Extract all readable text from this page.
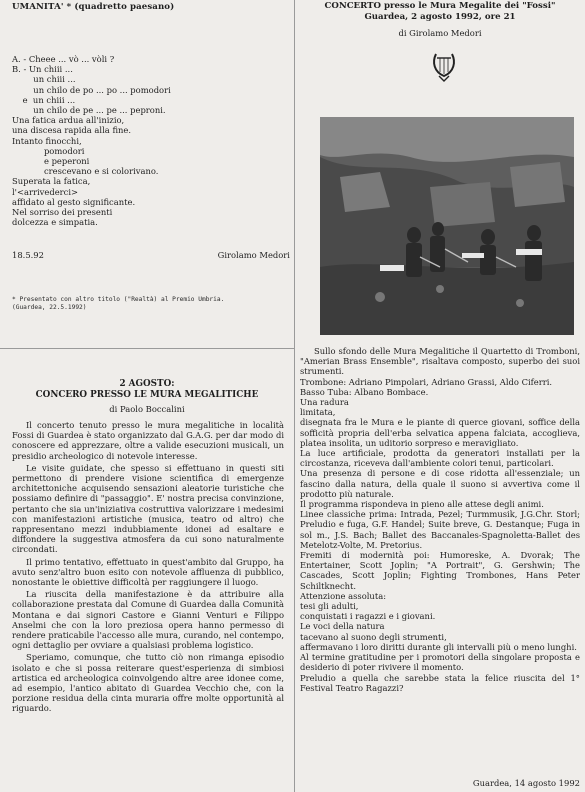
UMANITA' * (quadretto paesano)
A. - Cheee ... vò ... vòli ?
B. - Un chiii ...
un chiii ...
un chilo de po ... po ... pomodori
e  un chiii ...
un chilo de pe ... pe ... peproni.
Una fatica ardua all'inizio,
una discesa rapida alla fine.
Intanto finocchi,
pomodori
e peperoni
crescevano e si colorivano.
Superata la fatica,
l'<arrivederci>
affidato al gesto significante.
Nel sorriso dei presenti
dolcezza e simpatia.
18.5.92	Girolamo Medori
* Presentato con altro titolo ("Realtà) al Premio Umbria.
(Guardea, 22.5.1992)
2 AGOSTO:
CONCERO PRESSO LE MURA MEGALITICHE
di Paolo Boccalini

Il concerto tenuto presso le mura megalitiche in località Fossi di Guardea è stato organizzato dal G.A.G. per dar modo di conoscere ed apprezzare, oltre a valide esecuzioni musicali, un presidio archeologico di notevole interesse.

Le visite guidate, che spesso si effettuano in questi siti permettono di prendere visione scientifica di emergenze architettoniche acquisendo sensazioni aleatorie turistiche che possiamo definire di "passaggio". E' nostra precisa convinzione, pertanto che sia un'iniziativa costruttiva valorizzare i medesimi con manifestazioni artistiche (musica, teatro od altro) che rappresentano mezzi indubbiamente idonei ad esaltare e diffondere la suggestiva atmosfera da cui sono naturalmente circondati.

Il primo tentativo, effettuato in quest'ambito dal Gruppo, ha avuto senz'altro buon esito con notevole affluenza di pubblico, nonostante le obiettive difficoltà per raggiungere il luogo.

La riuscita della manifestazione è da attribuire alla collaborazione prestata dal Comune di Guardea dalla Comunità Montana e dai signori Castore e Gianni Venturi e Filippo Anselmi che con la loro preziosa opera hanno permesso di rendere praticabile l'accesso alle mura, curando, nel contempo, ogni dettaglio per ovviare a qualsiasi problema logistico.

Speriamo, comunque, che tutto ciò non rimanga episodio isolato e che si possa reiterare quest'esperienza di simbiosi artistica ed archeologica coinvolgendo altre aree idonee come, ad esempio, l'antico abitato di Guardea Vecchio che, con la porzione residua della cinta muraria offre molte opportunità al riguardo.

CONCERTO presso le Mura Megalite dei "Fossi"
Guardea, 2 agosto 1992, ore 21
di Girolamo Medori
Sullo sfondo delle Mura Megalitiche il Quartetto di Tromboni, "Amerian Brass Ensemble", risaltava composto, superbo dei suoi strumenti.
Trombone: Adriano Pimpolari, Adriano Grassi, Aldo Ciferri.
Basso Tuba: Albano Bombace.
Una radura
limitata,
disegnata fra le Mura e le piante di querce giovani, soffice della sofficità propria dell'erba selvatica appena falciata, accoglieva, platea insolita, un uditorio sorpreso e meravigliato.
La luce artificiale, prodotta da generatori installati per la circostanza, riceveva dall'ambiente colori tenui, particolari.
Una presenza di persone e di cose ridotta all'essenziale; un fascino dalla natura, della quale il suono si avvertiva come il prodotto più naturale.
Il programma rispondeva in pieno alle attese degli animi.
Linee classiche prima: Intrada, Pezel; Turmmusik, J.G.Chr. Storl; Preludio e fuga, G.F. Handel; Suite breve, G. Destanque; Fuga in sol m., J.S. Bach; Ballet des Baccanales-Spagnoletta-Ballet des Metelotz-Volte, M. Pretorius.
Fremiti di modernità poi: Humoreske, A. Dvorak; The Entertainer, Scott Joplin; "A Portrait", G. Gershwin; The Cascades, Scott Joplin; Fighting Trombones, Hans Peter Schiltknecht.
Attenzione assoluta:
tesi gli adulti,
conquistati i ragazzi e i giovani.
Le voci della natura
tacevano al suono degli strumenti,
affermavano i loro diritti durante gli intervalli più o meno lunghi.
Al termine gratitudine per i promotori della singolare proposta e desiderio di poter rivivere il momento.
Preludio a quella che sarebbe stata la felice riuscita del 1° Festival Teatro Ragazzi?
Guardea, 14 agosto 1992
